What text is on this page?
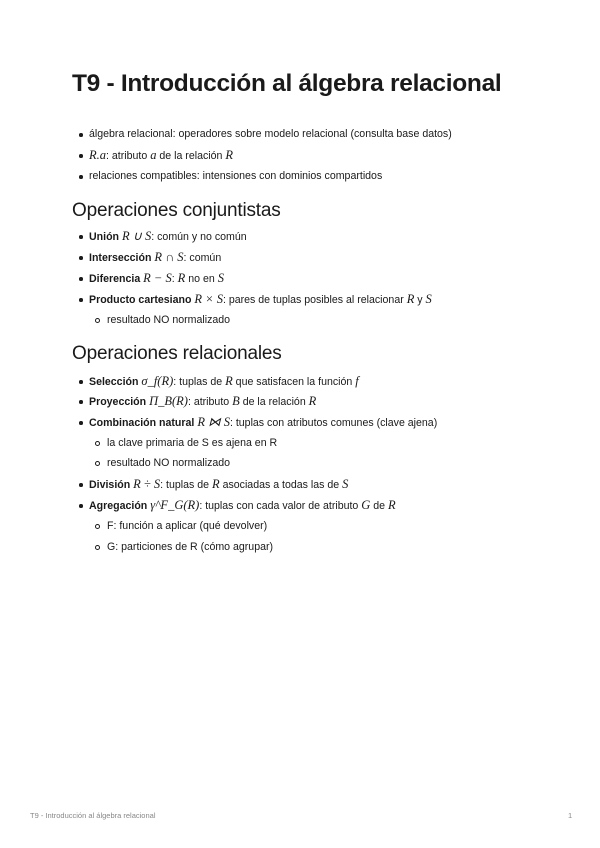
T9 - Introducción al álgebra relacional
álgebra relacional: operadores sobre modelo relacional (consulta base datos)
R.a: atributo a de la relación R
relaciones compatibles: intensiones con dominios compartidos
Operaciones conjuntistas
Unión R ∪ S: común y no común
Intersección R ∩ S: común
Diferencia R − S: R no en S
Producto cartesiano R × S: pares de tuplas posibles al relacionar R y S
resultado NO normalizado
Operaciones relacionales
Selección σ_f(R): tuplas de R que satisfacen la función f
Proyección Π_B(R): atributo B de la relación R
Combinación natural R ⋈ S: tuplas con atributos comunes (clave ajena)
la clave primaria de S es ajena en R
resultado NO normalizado
División R ÷ S: tuplas de R asociadas a todas las de S
Agregación γ^F_G(R): tuplas con cada valor de atributo G de R
F: función a aplicar (qué devolver)
G: particiones de R (cómo agrupar)
T9 - Introducción al álgebra relacional	1
